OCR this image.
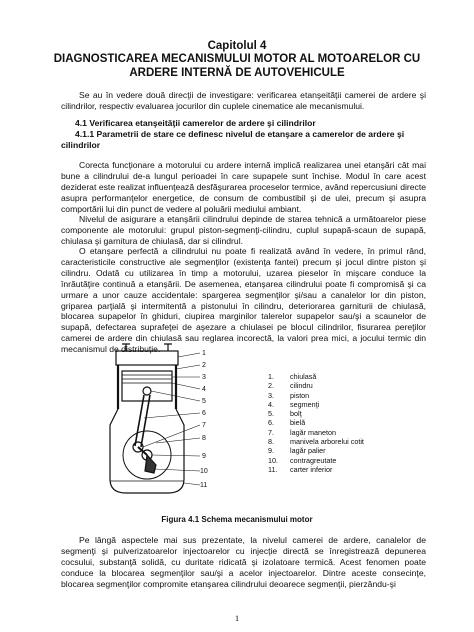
Capitolul 4
DIAGNOSTICAREA MECANISMULUI MOTOR AL MOTOARELOR CU
ARDERE INTERNĂ DE AUTOVEHICULE

Se au în vedere două direcţii de investigare: verificarea etanşeităţii camerei de ardere şi cilindrilor, respectiv evaluarea jocurilor din cuplele cinematice ale mecanismului.

4.1 Verificarea etanşeităţii camerelor de ardere şi cilindrilor
4.1.1 Parametrii de stare ce definesc nivelul de etanşare a camerelor de ardere şi cilindrilor

Corecta funcţionare a motorului cu ardere internă implică realizarea unei etanşări cât mai bune a cilindrului de-a lungul perioadei în care supapele sunt închise. Modul în care acest deziderat este realizat influenţează desfăşurarea proceselor termice, având repercusiuni directe asupra performanţelor energetice, de consum de combustibil şi de ulei, precum şi asupra comportării lui din punct de vedere al poluării mediului ambiant.

Nivelul de asigurare a etanşării cilindrului depinde de starea tehnică a următoarelor piese componente ale motorului: grupul piston-segmenţi-cilindru, cuplul supapă-scaun de supapă, chiulasa şi garnitura de chiulasă, dar si cilindrul.

O etanşare perfectă a cilindrului nu poate fi realizată având în vedere, în primul rând, caracteristicile constructive ale segmenţilor (existenţa fantei) precum şi jocul dintre piston şi cilindru. Odată cu utilizarea în timp a motorului, uzarea pieselor în mişcare conduce la înrăutăţire continuă a etanşării. De asemenea, etanşarea cilindrului poate fi compromisă şi ca urmare a unor cauze accidentale: spargerea segmenţilor şi/sau a canalelor lor din piston, griparea parţială şi intermitentă a pistonului în cilindru, deteriorarea garniturii de chiulasă, blocarea supapelor în ghiduri, ciupirea marginilor talerelor supapelor sau/şi a scaunelor de supapă, defectarea suprafeţei de aşezare a chiulasei pe blocul cilindrilor, fisurarea pereţilor camerei de ardere din chiulasă sau reglarea incorectă, la valori prea mici, a jocului termic din mecanismul de distribuţie.	1
2
3
4
5
6
7
8
9
10
11
1. chiulasă
2. cilindru
3. piston
4. segmenţi
5. bolţ
6. bielă
7. lagăr maneton
8. manivela arborelui cotit
9. lagăr palier
10. contragreutate
11. carter inferior
Figura 4.1 Schema mecanismului motor

Pe lângă aspectele mai sus prezentate, la nivelul camerei de ardere, canalelor de segmenţi şi pulverizatoarelor injectoarelor cu injecţie directă se înregistrează depunerea cocsului, substanţă solidă, cu duritate ridicată şi izolatoare termică. Acest fenomen poate conduce la blocarea segmenţilor sau/şi a acelor injectoarelor. Dintre aceste consecinţe, blocarea segmenţilor compromite etanşarea cilindrului deoarece segmenţii, pierzându-şi

1
